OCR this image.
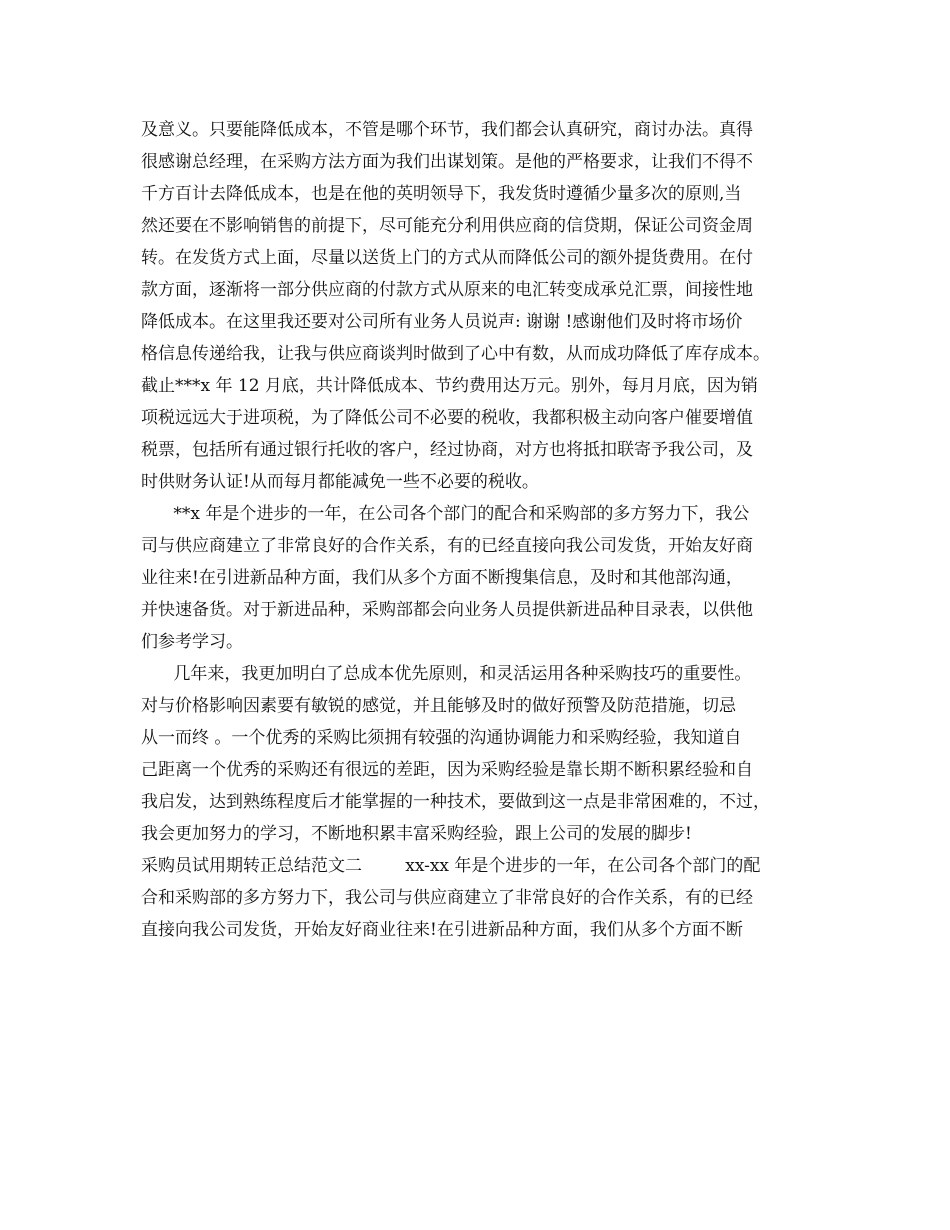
及意义。只要能降低成本，不管是哪个环节，我们都会认真研究，商讨办法。真得
很感谢总经理，在采购方法方面为我们出谋划策。是他的严格要求，让我们不得不
千方百计去降低成本，也是在他的英明领导下，我发货时遵循少量多次的原则,当
然还要在不影响销售的前提下，尽可能充分利用供应商的信贷期，保证公司资金周
转。在发货方式上面，尽量以送货上门的方式从而降低公司的额外提货费用。在付
款方面，逐渐将一部分供应商的付款方式从原来的电汇转变成承兑汇票，间接性地
降低成本。在这里我还要对公司所有业务人员说声: 谢谢 !感谢他们及时将市场价
格信息传递给我，让我与供应商谈判时做到了心中有数，从而成功降低了库存成本。
截止***x 年 12 月底，共计降低成本、节约费用达万元。别外，每月月底，因为销
项税远远大于进项税，为了降低公司不必要的税收，我都积极主动向客户催要增值
税票，包括所有通过银行托收的客户，经过协商，对方也将抵扣联寄予我公司，及
时供财务认证!从而每月都能减免一些不必要的税收。
**x 年是个进步的一年，在公司各个部门的配合和采购部的多方努力下，我公
司与供应商建立了非常良好的合作关系，有的已经直接向我公司发货，开始友好商
业往来!在引进新品种方面，我们从多个方面不断搜集信息，及时和其他部沟通，
并快速备货。对于新进品种，采购部都会向业务人员提供新进品种目录表，以供他
们参考学习。
几年来，我更加明白了总成本优先原则，和灵活运用各种采购技巧的重要性。
对与价格影响因素要有敏锐的感觉，并且能够及时的做好预警及防范措施，切忌
从一而终 。一个优秀的采购比须拥有较强的沟通协调能力和采购经验，我知道自
己距离一个优秀的采购还有很远的差距，因为采购经验是靠长期不断积累经验和自
我启发，达到熟练程度后才能掌握的一种技术，要做到这一点是非常困难的，不过，
我会更加努力的学习，不断地积累丰富采购经验，跟上公司的发展的脚步!
采购员试用期转正总结范文二        xx-xx 年是个进步的一年，在公司各个部门的配
合和采购部的多方努力下，我公司与供应商建立了非常良好的合作关系，有的已经
直接向我公司发货，开始友好商业往来!在引进新品种方面，我们从多个方面不断
